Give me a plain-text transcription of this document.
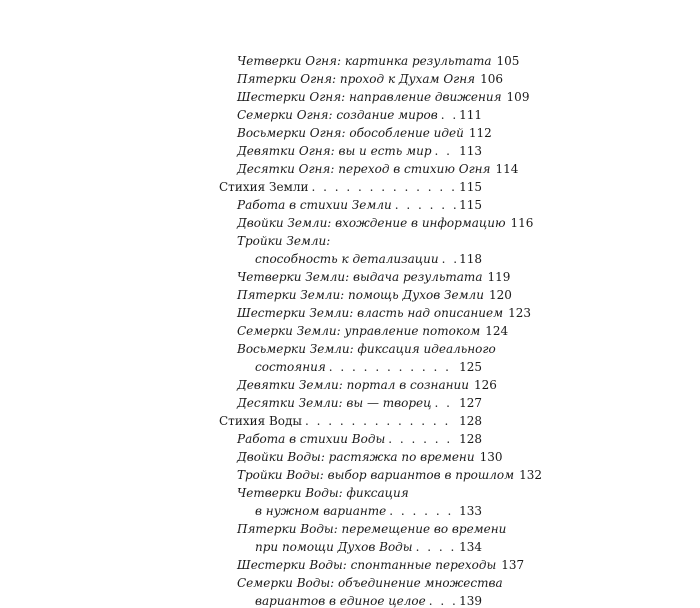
Четверки Огня: картинка результата 105
Пятерки Огня: проход к Духам Огня 106
Шестерки Огня: направление движения 109
Семерки Огня: создание миров . . . 111
Восьмерки Огня: обособление идей 112
Девятки Огня: вы и есть мир . . . 113
Десятки Огня: переход в стихию Огня 114
Стихия Земли . . .	115
Работа в стихии Земли . . .	115
Двойки Земли: вхождение в информацию 116
Тройки Земли:
способность к детализации . . . 118
Четверки Земли: выдача результата 119
Пятерки Земли: помощь Духов Земли 120
Шестерки Земли: власть над описанием 123
Семерки Земли: управление потоком 124
Восьмерки Земли: фиксация идеального
состояния . . .	125
Девятки Земли: портал в сознании 126
Десятки Земли: вы — творец . . . 127
Стихия Воды . . .	128
Работа в стихии Воды . . .	128
Двойки Воды: растяжка по времени 130
Тройки Воды: выбор вариантов в прошлом 132
Четверки Воды: фиксация
в нужном варианте . . .	133
Пятерки Воды: перемещение во времени
при помощи Духов Воды . . .	134
Шестерки Воды: спонтанные переходы 137
Семерки Воды: объединение множества
вариантов в единое целое . . .	139
